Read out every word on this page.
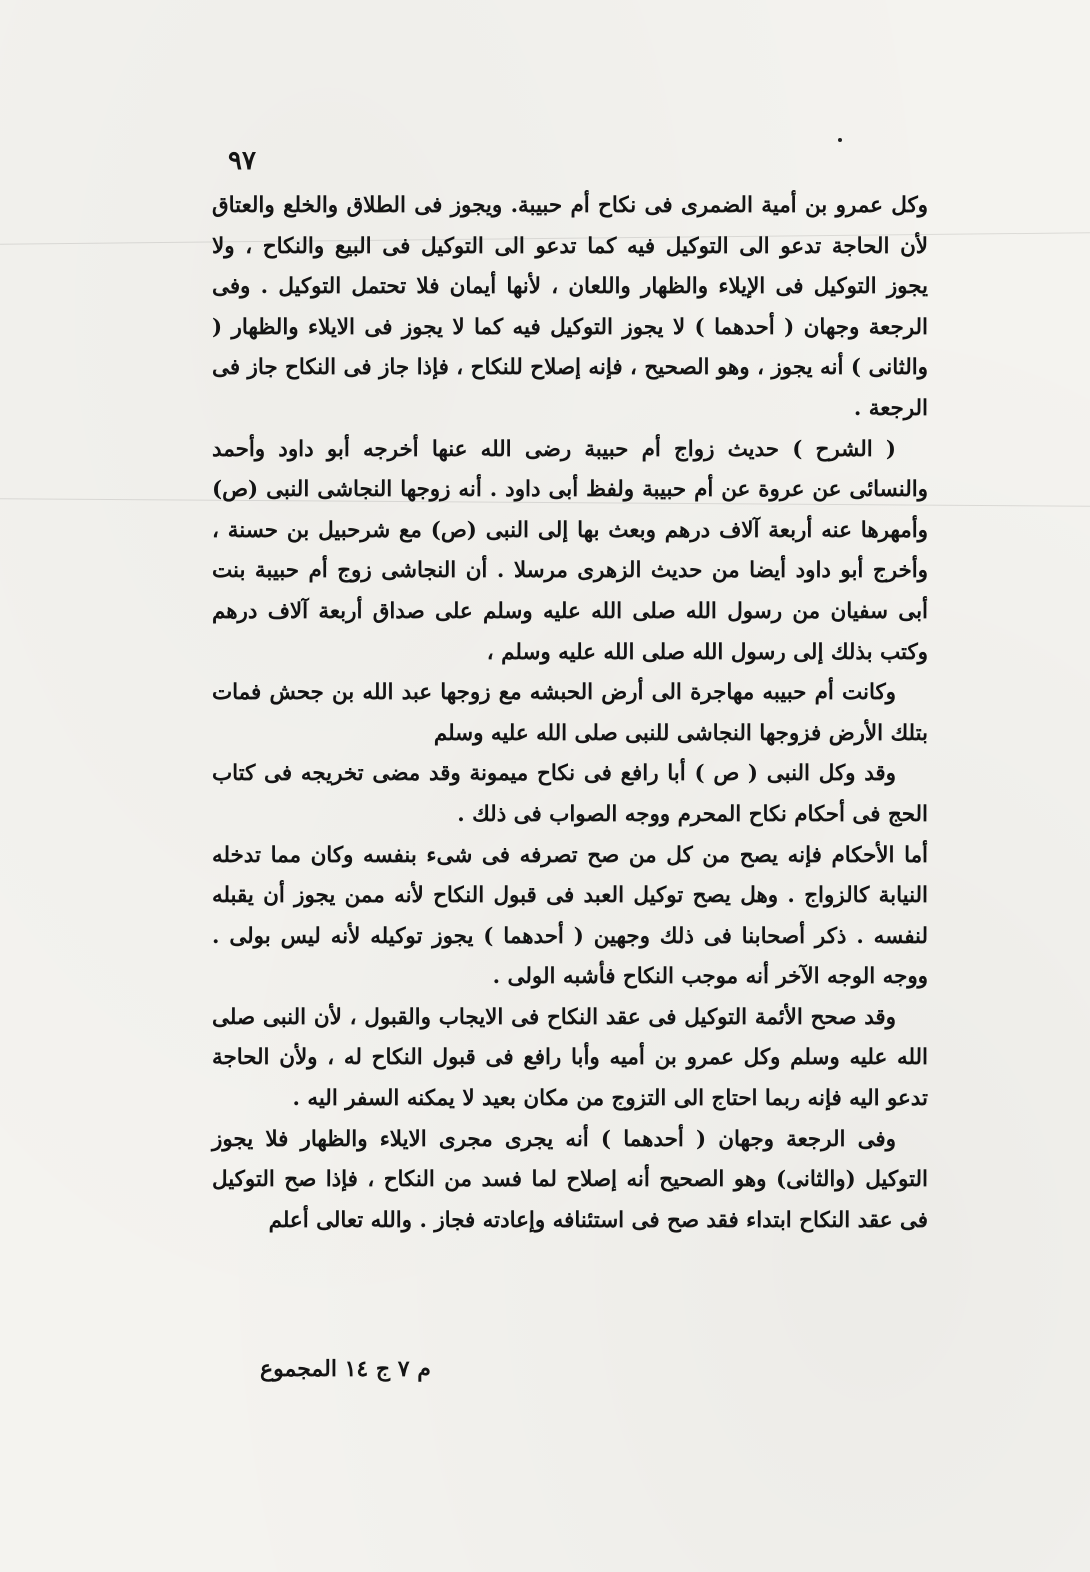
٩٧

وكل عمرو بن أمية الضمرى فى نكاح أم حبيبة. ويجوز فى الطلاق والخلع والعتاق لأن الحاجة تدعو الى التوكيل فيه كما تدعو الى التوكيل فى البيع والنكاح ، ولا يجوز التوكيل فى الإيلاء والظهار واللعان ، لأنها أيمان فلا تحتمل التوكيل . وفى الرجعة وجهان ( أحدهما ) لا يجوز التوكيل فيه كما لا يجوز فى الايلاء والظهار ( والثانى ) أنه يجوز ، وهو الصحيح ، فإنه إصلاح للنكاح ، فإذا جاز فى النكاح جاز فى الرجعة .

( الشرح ) حديث زواج أم حبيبة رضى الله عنها أخرجه أبو داود وأحمد والنسائى عن عروة عن أم حبيبة ولفظ أبى داود . أنه زوجها النجاشى النبى (ص) وأمهرها عنه أربعة آلاف درهم وبعث بها إلى النبى (ص) مع شرحبيل بن حسنة ، وأخرج أبو داود أيضا من حديث الزهرى مرسلا . أن النجاشى زوج أم حبيبة بنت أبى سفيان من رسول الله صلى الله عليه وسلم على صداق أربعة آلاف درهم وكتب بذلك إلى رسول الله صلى الله عليه وسلم ،

وكانت أم حبيبه مهاجرة الى أرض الحبشه مع زوجها عبد الله بن جحش فمات بتلك الأرض فزوجها النجاشى للنبى صلى الله عليه وسلم

وقد وكل النبى ( ص ) أبا رافع فى نكاح ميمونة وقد مضى تخريجه فى كتاب الحج فى أحكام نكاح المحرم ووجه الصواب فى ذلك .

أما الأحكام فإنه يصح من كل من صح تصرفه فى شىء بنفسه وكان مما تدخله النيابة كالزواج . وهل يصح توكيل العبد فى قبول النكاح لأنه ممن يجوز أن يقبله لنفسه . ذكر أصحابنا فى ذلك وجهين ( أحدهما ) يجوز توكيله لأنه ليس بولى . ووجه الوجه الآخر أنه موجب النكاح فأشبه الولى .

وقد صحح الأئمة التوكيل فى عقد النكاح فى الايجاب والقبول ، لأن النبى صلى الله عليه وسلم وكل عمرو بن أميه وأبا رافع فى قبول النكاح له ، ولأن الحاجة تدعو اليه فإنه ربما احتاج الى التزوج من مكان بعيد لا يمكنه السفر اليه .

وفى الرجعة وجهان ( أحدهما ) أنه يجرى مجرى الايلاء والظهار فلا يجوز التوكيل (والثانى) وهو الصحيح أنه إصلاح لما فسد من النكاح ، فإذا صح التوكيل فى عقد النكاح ابتداء فقد صح فى استئنافه وإعادته فجاز . والله تعالى أعلم

م ٧ ج ١٤ المجموع
